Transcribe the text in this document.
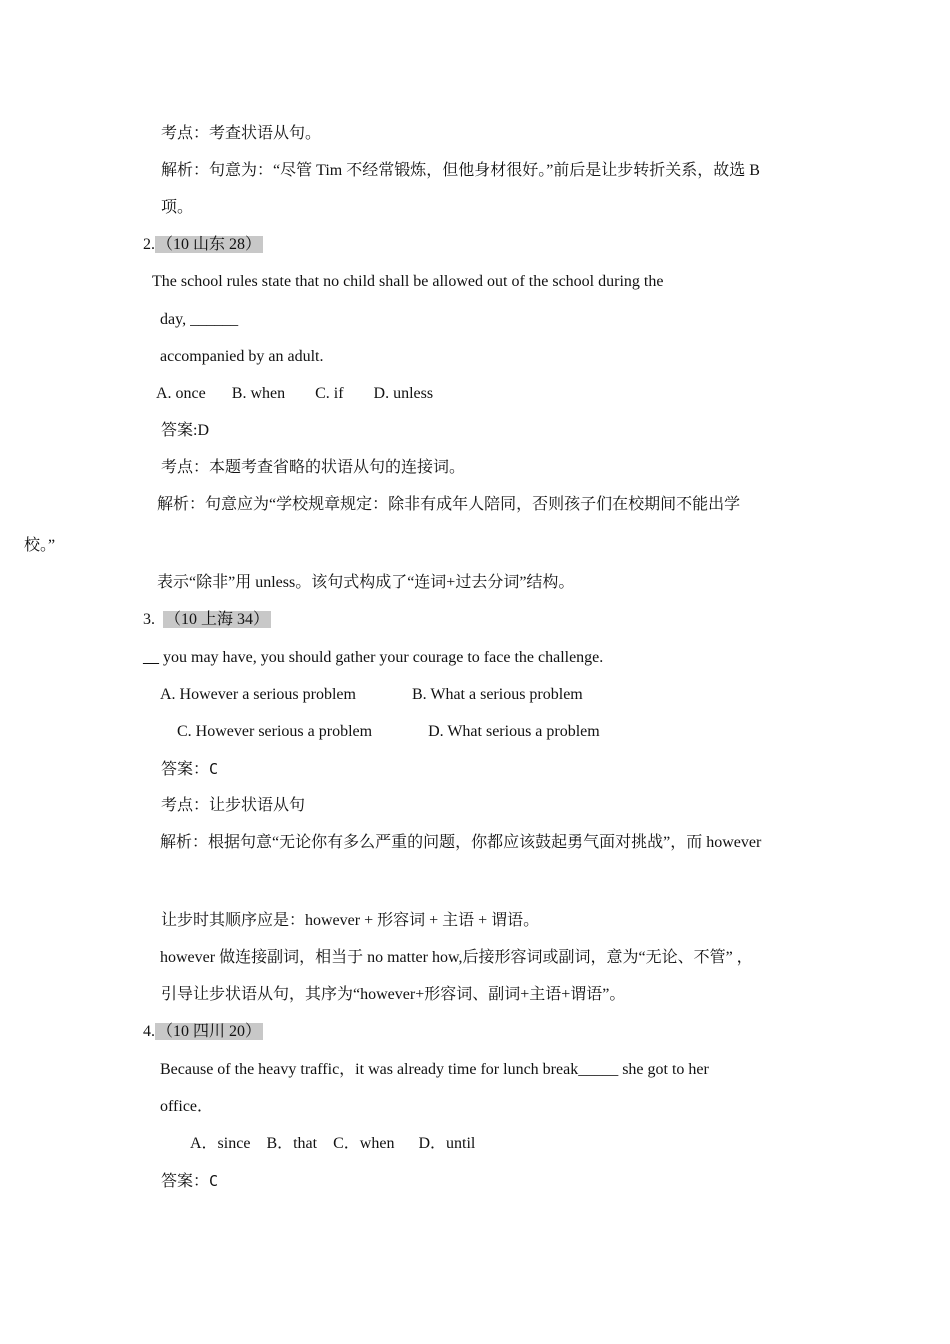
考点：考查状语从句。
解析：句意为：“尽管 Tim 不经常锻炼，但他身材很好。”前后是让步转折关系，故选 B
项。
2. （10 山东 28）
The school rules state that no child shall be allowed out of the school during the
day, ______
accompanied by an adult.
A. once B. when C. if D. unless
答案:D
考点：本题考查省略的状语从句的连接词。
解析：句意应为“学校规章规定：除非有成年人陪同，否则孩子们在校期间不能出学
校。”
表示“除非”用 unless。该句式构成了“连词+过去分词”结构。
3. （10 上海 34）
__ you may have, you should gather your courage to face the challenge.
A. However a serious problem	B. What a serious problem
C. However serious a problem	D. What serious a problem
答案：C
考点：让步状语从句
解析：根据句意“无论你有多么严重的问题，你都应该鼓起勇气面对挑战”，而 however
让步时其顺序应是：however + 形容词 + 主语 + 谓语。
however 做连接副词，相当于 no matter how,后接形容词或副词，意为“无论、不管” ，
引导让步状语从句，其序为“however+形容词、副词+主语+谓语”。
4. （10 四川 20）
Because of the heavy traffic，it was already time for lunch break_____ she got to her
office．
A．since B．that C．when D．until
答案：C
